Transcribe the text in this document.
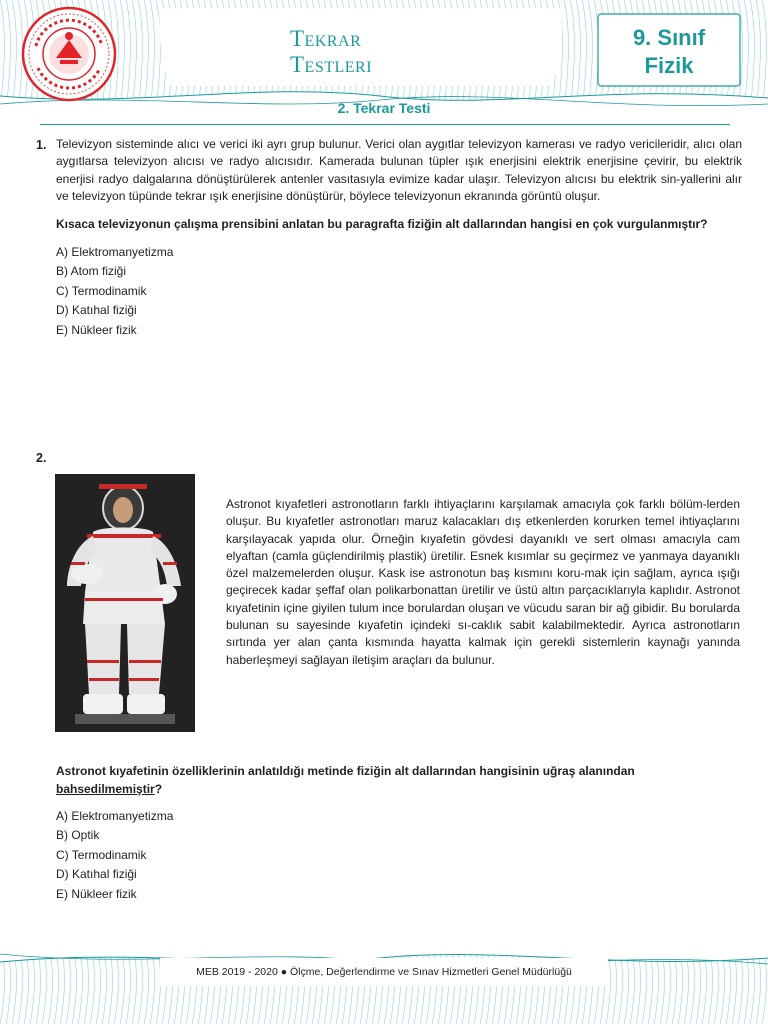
Tekrar
Testleri
9. Sınıf
Fizik
2. Tekrar Testi
1. Televizyon sisteminde alıcı ve verici iki ayrı grup bulunur. Verici olan aygıtlar televizyon kamerası ve radyo vericileridir, alıcı olan aygıtlarsa televizyon alıcısı ve radyo alıcısıdır. Kamerada bulunan tüpler ışık enerjisini elektrik enerjisine çevirir, bu elektrik enerjisi radyo dalgalarına dönüştürülerek antenler vasıtasıyla evimize kadar ulaşır. Televizyon alıcısı bu elektrik sin-yallerini alır ve televizyon tüpünde tekrar ışık enerjisine dönüştürür, böylece televizyonun ekranında görüntü oluşur.
Kısaca televizyonun çalışma prensibini anlatan bu paragrafta fiziğin alt dallarından hangisi en çok vurgulanmıştır?
A) Elektromanyetizma
B) Atom fiziği
C) Termodinamik
D) Katıhal fiziği
E) Nükleer fizik
2.
Astronot kıyafetleri astronotların farklı ihtiyaçlarını karşılamak amacıyla çok farklı bölüm-lerden oluşur. Bu kıyafetler astronotları maruz kalacakları dış etkenlerden korurken temel ihtiyaçlarını karşılayacak yapıda olur. Örneğin kıyafetin gövdesi dayanıklı ve sert olması amacıyla cam elyaftan (camla güçlendirilmiş plastik) üretilir. Esnek kısımlar su geçirmez ve yanmaya dayanıklı özel malzemelerden oluşur. Kask ise astronotun baş kısmını koru-mak için sağlam, ayrıca ışığı geçirecek kadar şeffaf olan polikarbonattan üretilir ve üstü altın parçacıklarıyla kaplıdır. Astronot kıyafetinin içine giyilen tulum ince borulardan oluşan ve vücudu saran bir ağ gibidir. Bu borularda bulunan su sayesinde kıyafetin içindeki sı-caklık sabit kalabilmektedir. Ayrıca astronotların sırtında yer alan çanta kısmında hayatta kalmak için gerekli sistemlerin kaynağı yanında haberleşmeyi sağlayan iletişim araçları da bulunur.
Astronot kıyafetinin özelliklerinin anlatıldığı metinde fiziğin alt dallarından hangisinin uğraş alanından
bahsedilmemiştir?
A) Elektromanyetizma
B) Optik
C) Termodinamik
D) Katıhal fiziği
E) Nükleer fizik
MEB 2019 - 2020 ● Ölçme, Değerlendirme ve Sınav Hizmetleri Genel Müdürlüğü
